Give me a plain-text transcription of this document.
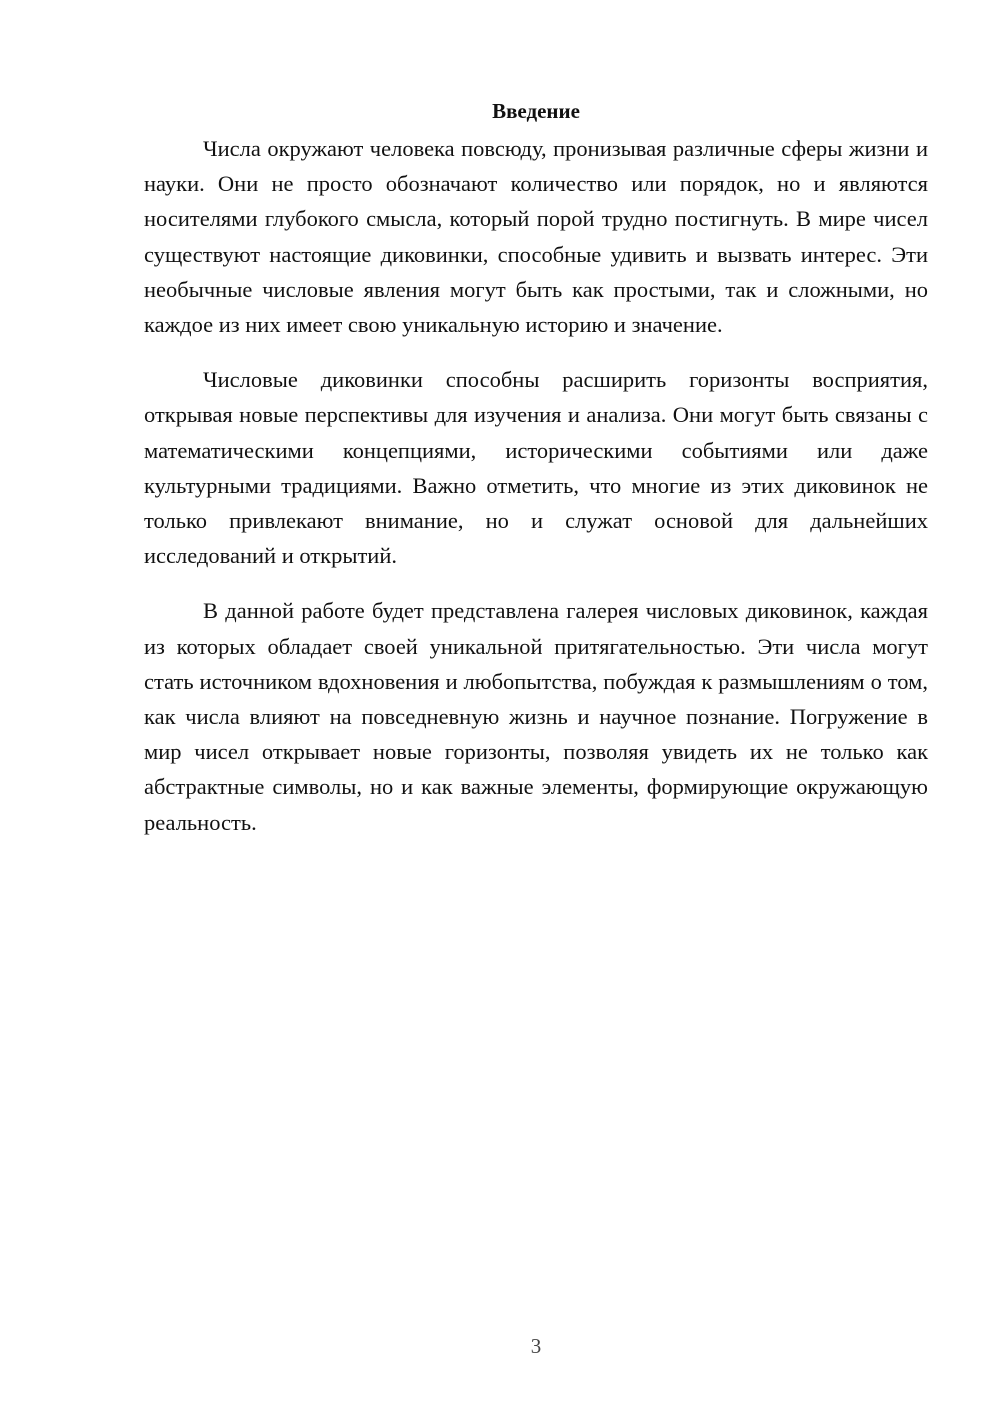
Введение

Числа окружают человека повсюду, пронизывая различные сферы жизни и науки. Они не просто обозначают количество или порядок, но и являются носителями глубокого смысла, который порой трудно постигнуть. В мире чисел существуют настоящие диковинки, способные удивить и вызвать интерес. Эти необычные числовые явления могут быть как простыми, так и сложными, но каждое из них имеет свою уникальную историю и значение.

Числовые диковинки способны расширить горизонты восприятия, открывая новые перспективы для изучения и анализа. Они могут быть связаны с математическими концепциями, историческими событиями или даже культурными традициями. Важно отметить, что многие из этих диковинок не только привлекают внимание, но и служат основой для дальнейших исследований и открытий.

В данной работе будет представлена галерея числовых диковинок, каждая из которых обладает своей уникальной притягательностью. Эти числа могут стать источником вдохновения и любопытства, побуждая к размышлениям о том, как числа влияют на повседневную жизнь и научное познание. Погружение в мир чисел открывает новые горизонты, позволяя увидеть их не только как абстрактные символы, но и как важные элементы, формирующие окружающую реальность.

3
